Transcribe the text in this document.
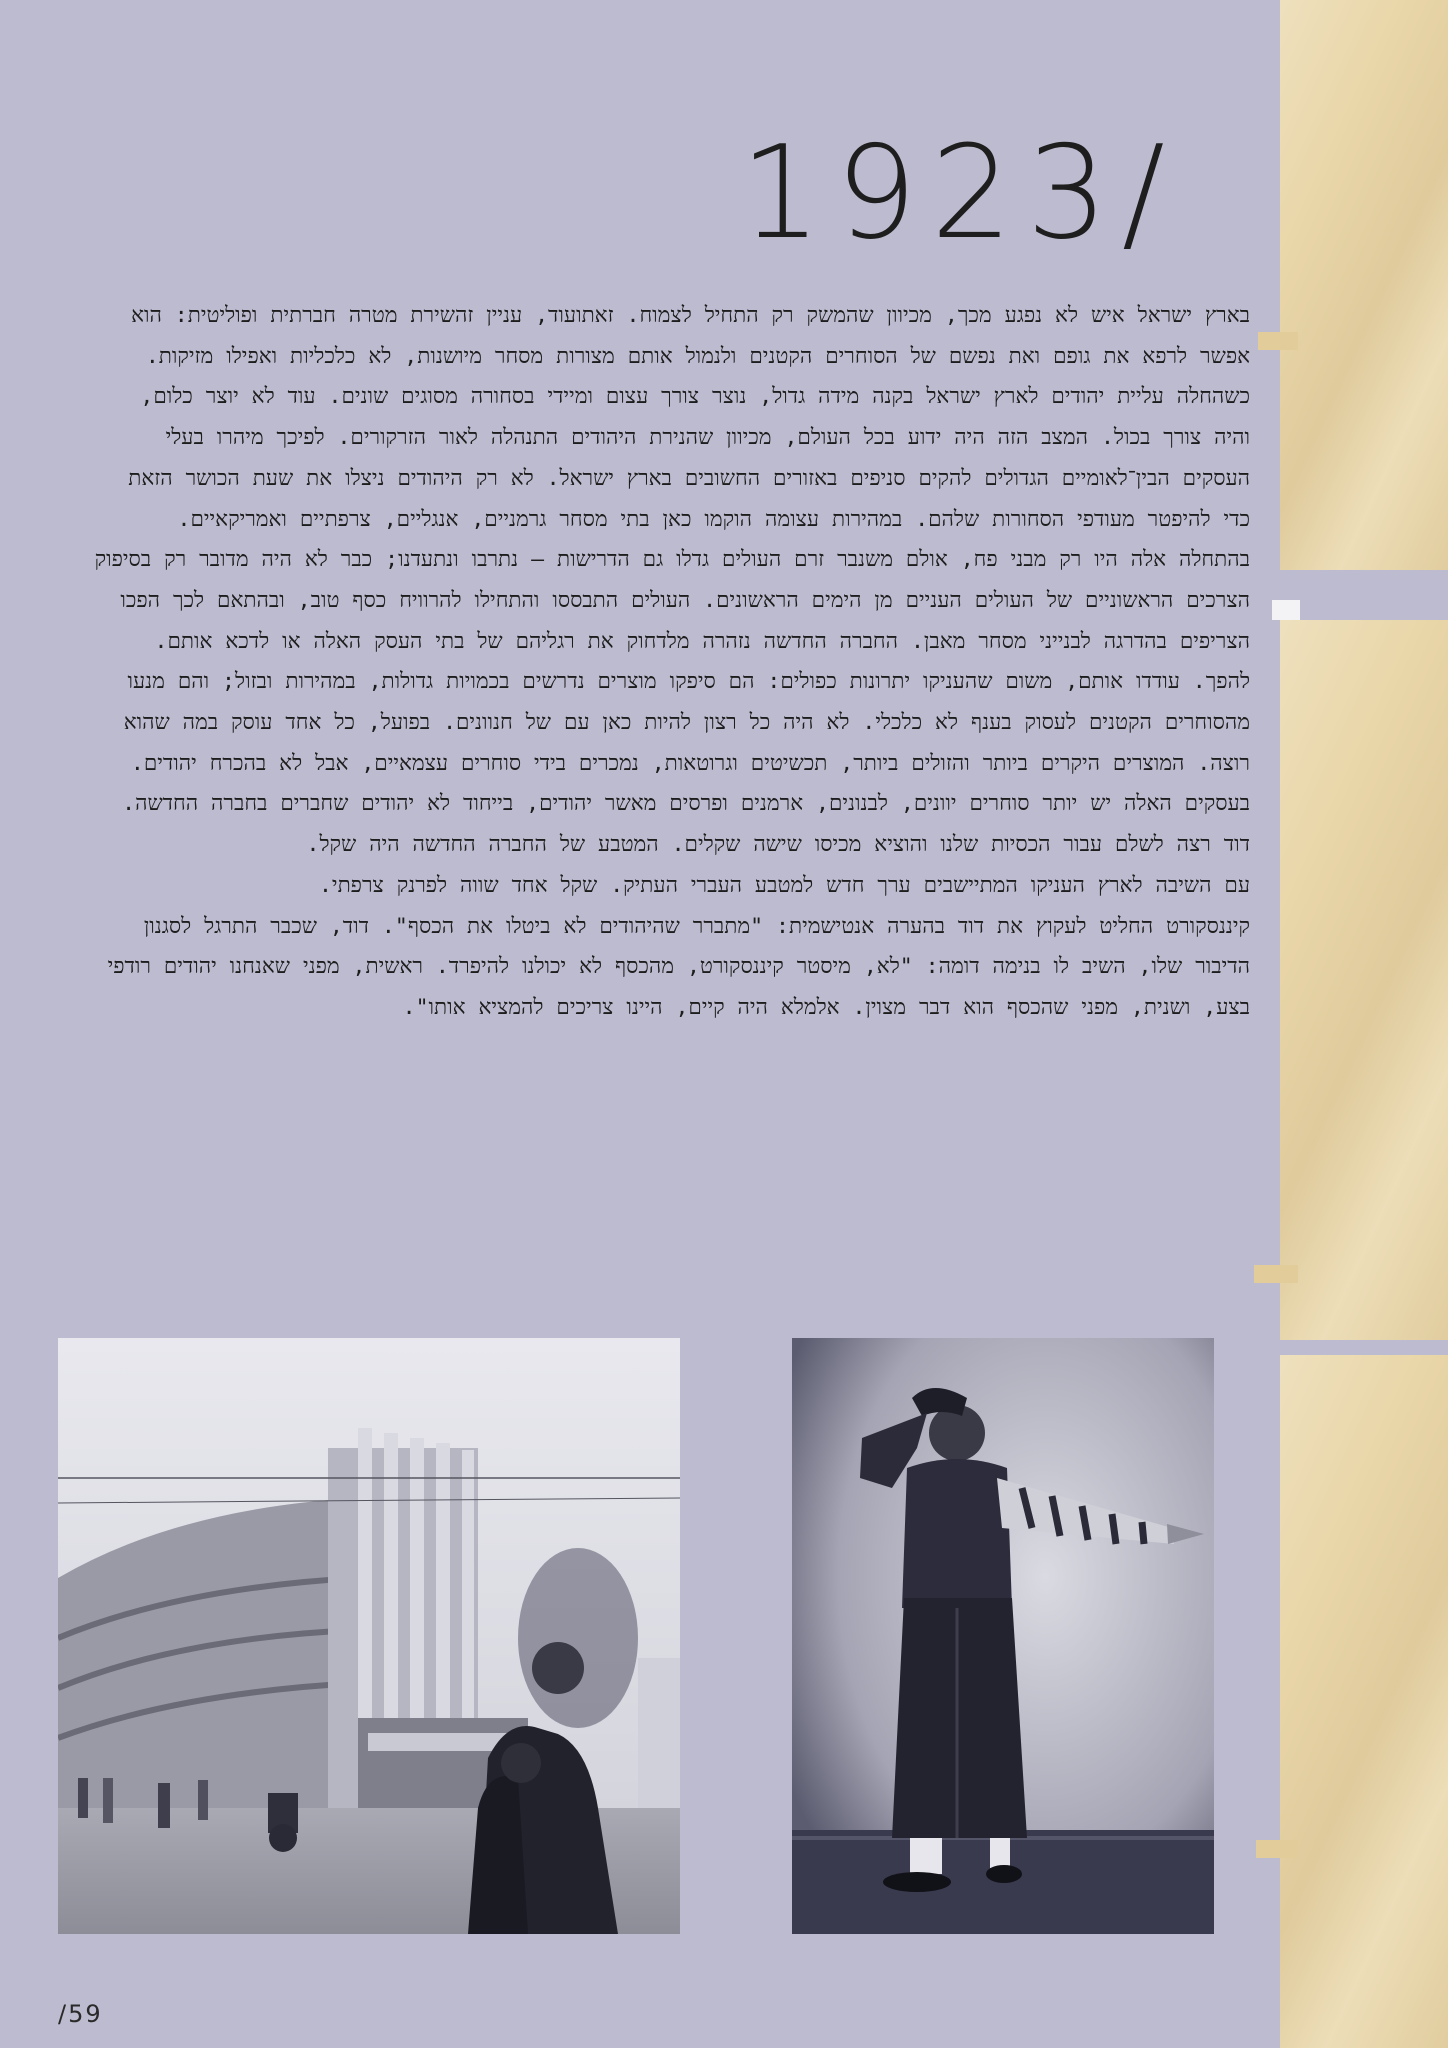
1923/

בארץ ישראל איש לא נפגע מכך, מכיוון שהמשק רק התחיל לצמוח. זאתועוד, עניין זהשירת מטרה חברתית ופוליטית: הוא אפשר לרפא את גופם ואת נפשם של הסוחרים הקטנים ולנמול אותם מצורות מסחר מיושנות, לא כלכליות ואפילו מזיקות. כשהחלה עליית יהודים לארץ ישראל בקנה מידה גדול, נוצר צורך עצום ומיידי בסחורה מסוגים שונים. עוד לא יוצר כלום, והיה צורך בכול. המצב הזה היה ידוע בכל העולם, מכיוון שהנירת היהודים התנהלה לאור הזרקורים. לפיכך מיהרו בעלי העסקים הבין־לאומיים הגדולים להקים סניפים באזורים החשובים בארץ ישראל. לא רק היהודים ניצלו את שעת הכושר הזאת כדי להיפטר מעודפי הסחורות שלהם. במהירות עצומה הוקמו כאן בתי מסחר גרמניים, אנגליים, צרפתיים ואמריקאיים. בהתחלה אלה היו רק מבני פח, אולם משנבר זרם העולים גדלו גם הדרישות – נתרבו ונתעדנו; כבר לא היה מדובר רק בסיפוק הצרכים הראשוניים של העולים העניים מן הימים הראשונים. העולים התבססו והתחילו להרוויח כסף טוב, ובהתאם לכך הפכו הצריפים בהדרגה לבנייני מסחר מאבן. החברה החדשה נזהרה מלדחוק את רגליהם של בתי העסק האלה או לדכא אותם. להפך. עודדו אותם, משום שהעניקו יתרונות כפולים: הם סיפקו מוצרים נדרשים בכמויות גדולות, במהירות ובזול; והם מנעו מהסוחרים הקטנים לעסוק בענף לא כלכלי. לא היה כל רצון להיות כאן עם של חנוונים. בפועל, כל אחד עוסק במה שהוא רוצה. המוצרים היקרים ביותר והזולים ביותר, תכשיטים וגרוטאות, נמכרים בידי סוחרים עצמאיים, אבל לא בהכרח יהודים. בעסקים האלה יש יותר סוחרים יוונים, לבנונים, ארמנים ופרסים מאשר יהודים, בייחוד לא יהודים שחברים בחברה החדשה.

דוד רצה לשלם עבור הכסיות שלנו והוציא מכיסו שישה שקלים. המטבע של החברה החדשה היה שקל.

עם השיבה לארץ העניקו המתיישבים ערך חדש למטבע העברי העתיק. שקל אחד שווה לפרנק צרפתי.

קיננסקורט החליט לעקוץ את דוד בהערה אנטישמית: "מתברר שהיהודים לא ביטלו את הכסף". דוד, שכבר התרגל לסגנון הדיבור שלו, השיב לו בנימה דומה: "לא, מיסטר קיננסקורט, מהכסף לא יכולנו להיפרד. ראשית, מפני שאנחנו יהודים רודפי בצע, ושנית, מפני שהכסף הוא דבר מצוין. אלמלא היה קיים, היינו צריכים להמציא אותו".

/59
